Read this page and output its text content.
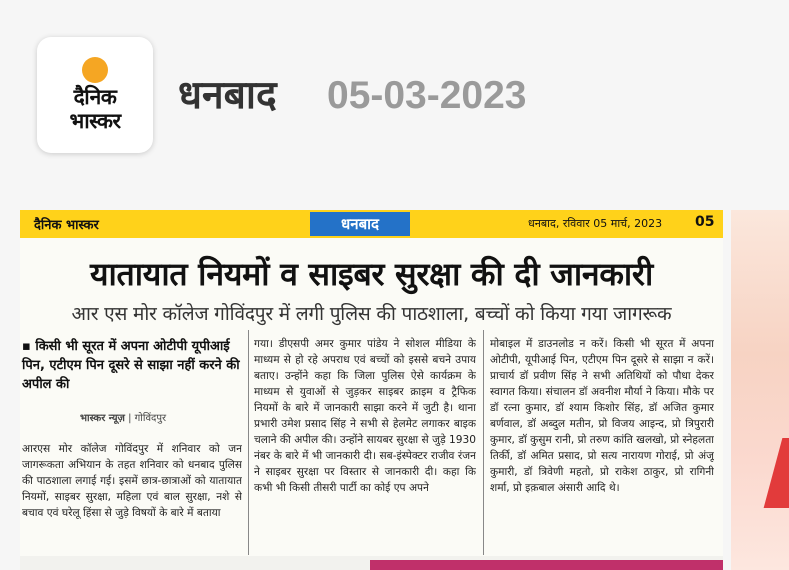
दैनिक
भास्कर
धनबाद 05-03-2023
दैनिक भास्कर	धनबाद	धनबाद, रविवार 05 मार्च, 2023 05
यातायात नियमों व साइबर सुरक्षा की दी जानकारी
आर एस मोर कॉलेज गोविंदपुर में लगी पुलिस की पाठशाला, बच्चों को किया गया जागरूक
▪ किसी भी सूरत में अपना ओटीपी यूपीआई पिन, एटीएम पिन दूसरे से साझा नहीं करने की अपील की
भास्कर न्यूज़ | गोविंदपुर
आरएस मोर कॉलेज गोविंदपुर में शनिवार को जन जागरूकता अभियान के तहत शनिवार को धनबाद पुलिस की पाठशाला लगाई गई। इसमें छात्र-छात्राओं को यातायात नियमों, साइबर सुरक्षा, महिला एवं बाल सुरक्षा, नशे से बचाव एवं घरेलू हिंसा से जुड़े विषयों के बारे में बताया
गया। डीएसपी अमर कुमार पांडेय ने सोशल मीडिया के माध्यम से हो रहे अपराध एवं बच्चों को इससे बचने उपाय बताए। उन्होंने कहा कि जिला पुलिस ऐसे कार्यक्रम के माध्यम से युवाओं से जुड़कर साइबर क्राइम व ट्रैफिक नियमों के बारे में जानकारी साझा करने में जुटी है। थाना प्रभारी उमेश प्रसाद सिंह ने सभी से हेलमेट लगाकर बाइक चलाने की अपील की। उन्होंने सायबर सुरक्षा से जुड़े 1930 नंबर के बारे में भी जानकारी दी। सब-इंस्पेक्टर राजीव रंजन ने साइबर सुरक्षा पर विस्तार से जानकारी दी। कहा कि कभी भी किसी तीसरी पार्टी का कोई एप अपने
मोबाइल में डाउनलोड न करें। किसी भी सूरत में अपना ओटीपी, यूपीआई पिन, एटीएम पिन दूसरे से साझा न करें। प्राचार्य डॉ प्रवीण सिंह ने सभी अतिथियों को पौधा देकर स्वागत किया। संचालन डॉ अवनीश मौर्या ने किया। मौके पर डॉ रत्ना कुमार, डॉ श्याम किशोर सिंह, डॉ अजित कुमार बर्णवाल, डॉ अब्दुल मतीन, प्रो विजय आइन्द, प्रो त्रिपुरारी कुमार, डॉ कुसुम रानी, प्रो तरुण कांति खलखो, प्रो स्नेहलता तिर्की, डॉ अमित प्रसाद, प्रो सत्य नारायण गोराई, प्रो अंजू कुमारी, डॉ त्रिवेणी महतो, प्रो राकेश ठाकुर, प्रो रागिनी शर्मा, प्रो इक़बाल अंसारी आदि थे।
